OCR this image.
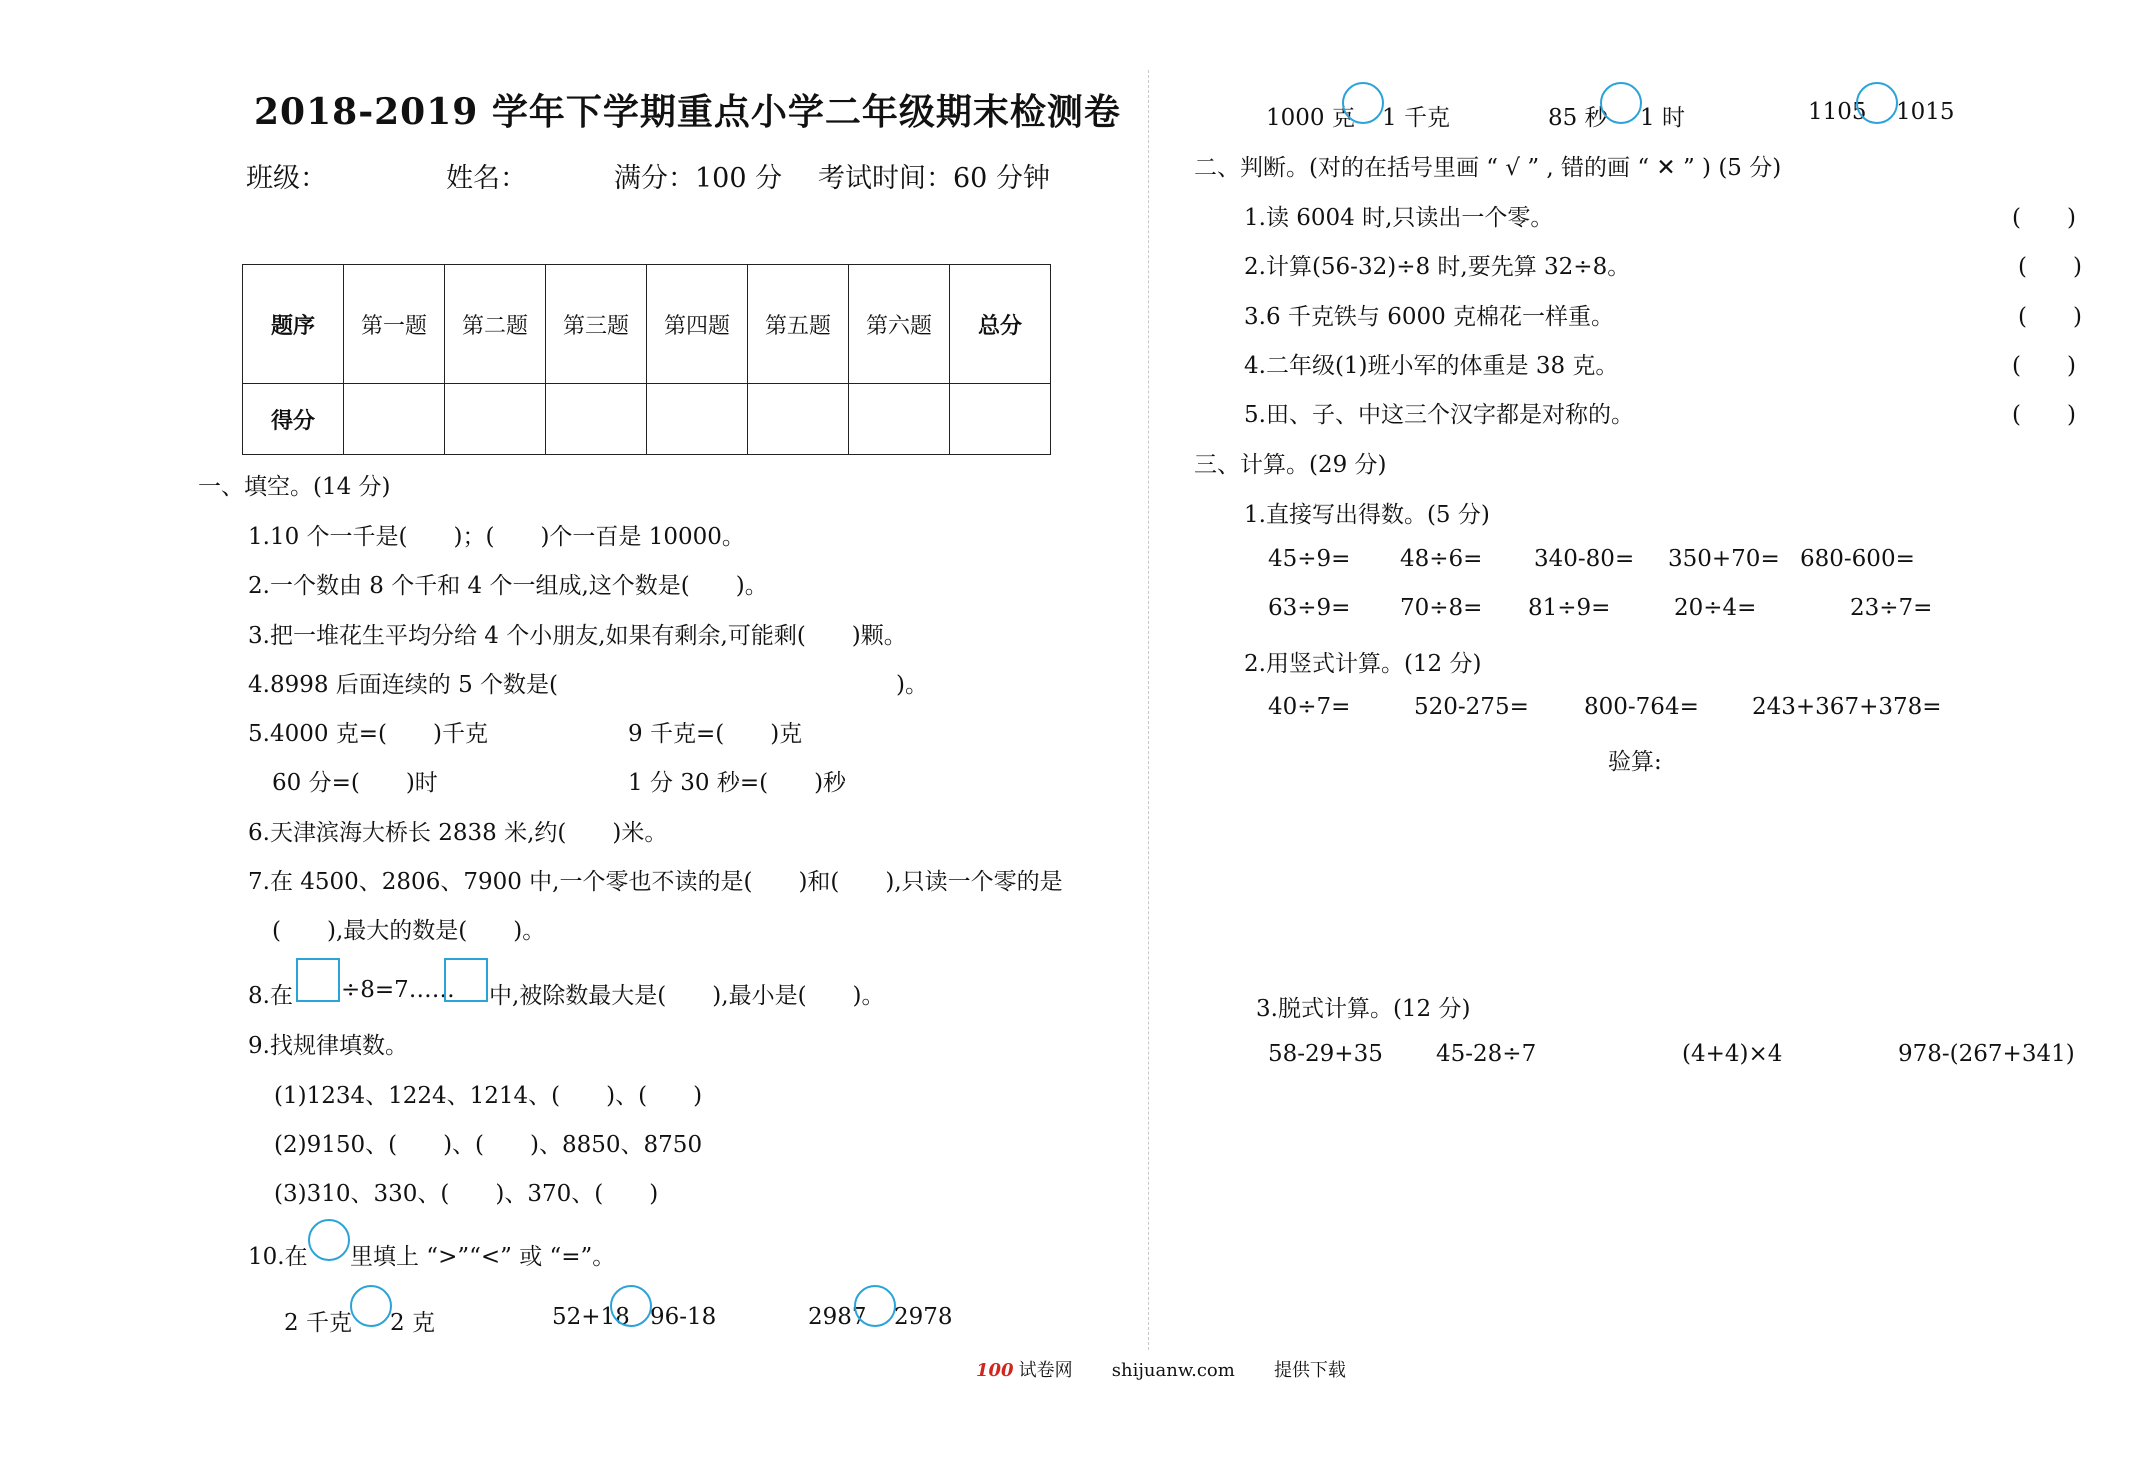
2018-2019 学年下学期重点小学二年级期末检测卷
班级：	姓名：	满分：100 分 考试时间：60 分钟
题序	第一题	第二题	第三题	第四题	第五题	第六题	总分
得分							
一、填空。(14 分)
1.10 个一千是(　　)；(　　)个一百是 10000。
2.一个数由 8 个千和 4 个一组成,这个数是(　　)。
3.把一堆花生平均分给 4 个小朋友,如果有剩余,可能剩(　　)颗。
4.8998 后面连续的 5 个数是(	)。
5.4000 克=(　　)千克	9 千克=(　　)克
60 分=(　　)时	1 分 30 秒=(　　)秒
6.天津滨海大桥长 2838 米,约(　　)米。
7.在 4500、2806、7900 中,一个零也不读的是(　　)和(　　),只读一个零的是
(　　),最大的数是(　　)。
8.在 ÷8=7…… 中,被除数最大是(　　),最小是(　　)。
9.找规律填数。
(1)1234、1224、1214、(　　)、(　　)
(2)9150、(　　)、(　　)、8850、8750
(3)310、330、(　　)、370、(　　)
10.在 里填上 “>”“<” 或 “=”。
2 千克 2 克	52+18 96-18	2987 2978
1000 克 1 千克	85 秒 1 时	1105 1015
二、判断。(对的在括号里画 “ √ ” , 错的画 “ ✕ ” ) (5 分)
1.读 6004 时,只读出一个零。	(　　)
2.计算(56-32)÷8 时,要先算 32÷8。	(　　)
3.6 千克铁与 6000 克棉花一样重。	(　　)
4.二年级(1)班小军的体重是 38 克。	(　　)
5.田、子、中这三个汉字都是对称的。	(　　)
三、计算。(29 分)
1.直接写出得数。(5 分)
45÷9= 48÷6= 340-80= 350+70= 680-600=
63÷9= 70÷8= 81÷9=	20÷4=	23÷7=
2.用竖式计算。(12 分)
40÷7=	520-275= 800-764= 243+367+378=
验算:
3.脱式计算。(12 分)
58-29+35 45-28÷7	(4+4)×4	978-(267+341)
100 试卷网 shijuanw.com 提供下载
